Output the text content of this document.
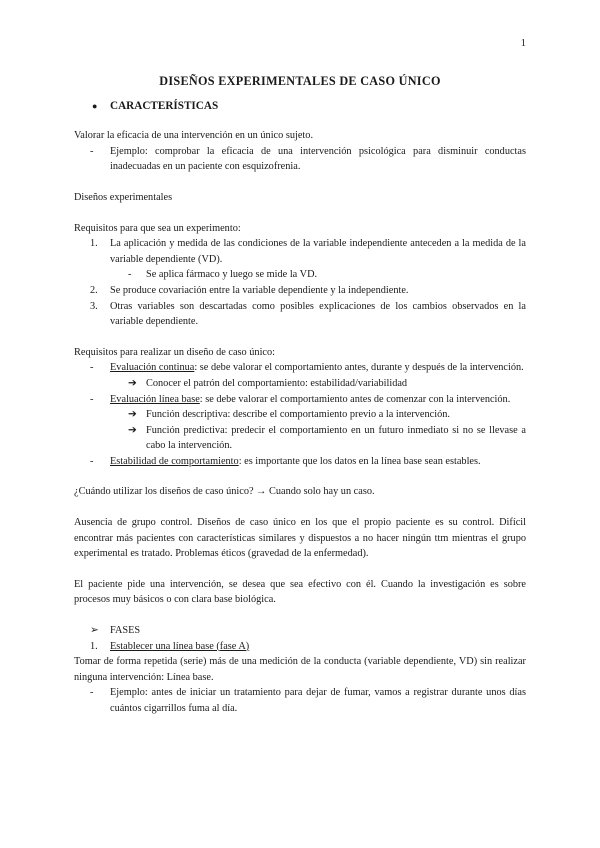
1
DISEÑOS EXPERIMENTALES DE CASO ÚNICO
● CARACTERÍSTICAS

Valorar la eficacia de una intervención en un único sujeto.

- Ejemplo: comprobar la eficacia de una intervención psicológica para disminuir conductas inadecuadas en un paciente con esquizofrenia.

Diseños experimentales

Requisitos para que sea un experimento:

1. La aplicación y medida de las condiciones de la variable independiente anteceden a la medida de la variable dependiente (VD).
- Se aplica fármaco y luego se mide la VD.
2. Se produce covariación entre la variable dependiente y la independiente.
3. Otras variables son descartadas como posibles explicaciones de los cambios observados en la variable dependiente.

Requisitos para realizar un diseño de caso único:

- Evaluación continua: se debe valorar el comportamiento antes, durante y después de la intervención.
➔ Conocer el patrón del comportamiento: estabilidad/variabilidad
- Evaluación línea base: se debe valorar el comportamiento antes de comenzar con la intervención.
➔ Función descriptiva: describe el comportamiento previo a la intervención.
➔ Función predictiva: predecir el comportamiento en un futuro inmediato si no se llevase a cabo la intervención.
- Estabilidad de comportamiento: es importante que los datos en la línea base sean estables.

¿Cuándo utilizar los diseños de caso único? → Cuando solo hay un caso.

Ausencia de grupo control. Diseños de caso único en los que el propio paciente es su control. Difícil encontrar más pacientes con características similares y dispuestos a no hacer ningún ttm mientras el grupo experimental es tratado. Problemas éticos (gravedad de la enfermedad).

El paciente pide una intervención, se desea que sea efectivo con él. Cuando la investigación es sobre procesos muy básicos o con clara base biológica.

➢ FASES
1. Establecer una línea base (fase A)

Tomar de forma repetida (serie) más de una medición de la conducta (variable dependiente, VD) sin realizar ninguna intervención: Línea base.

- Ejemplo: antes de iniciar un tratamiento para dejar de fumar, vamos a registrar durante unos días cuántos cigarrillos fuma al día.
